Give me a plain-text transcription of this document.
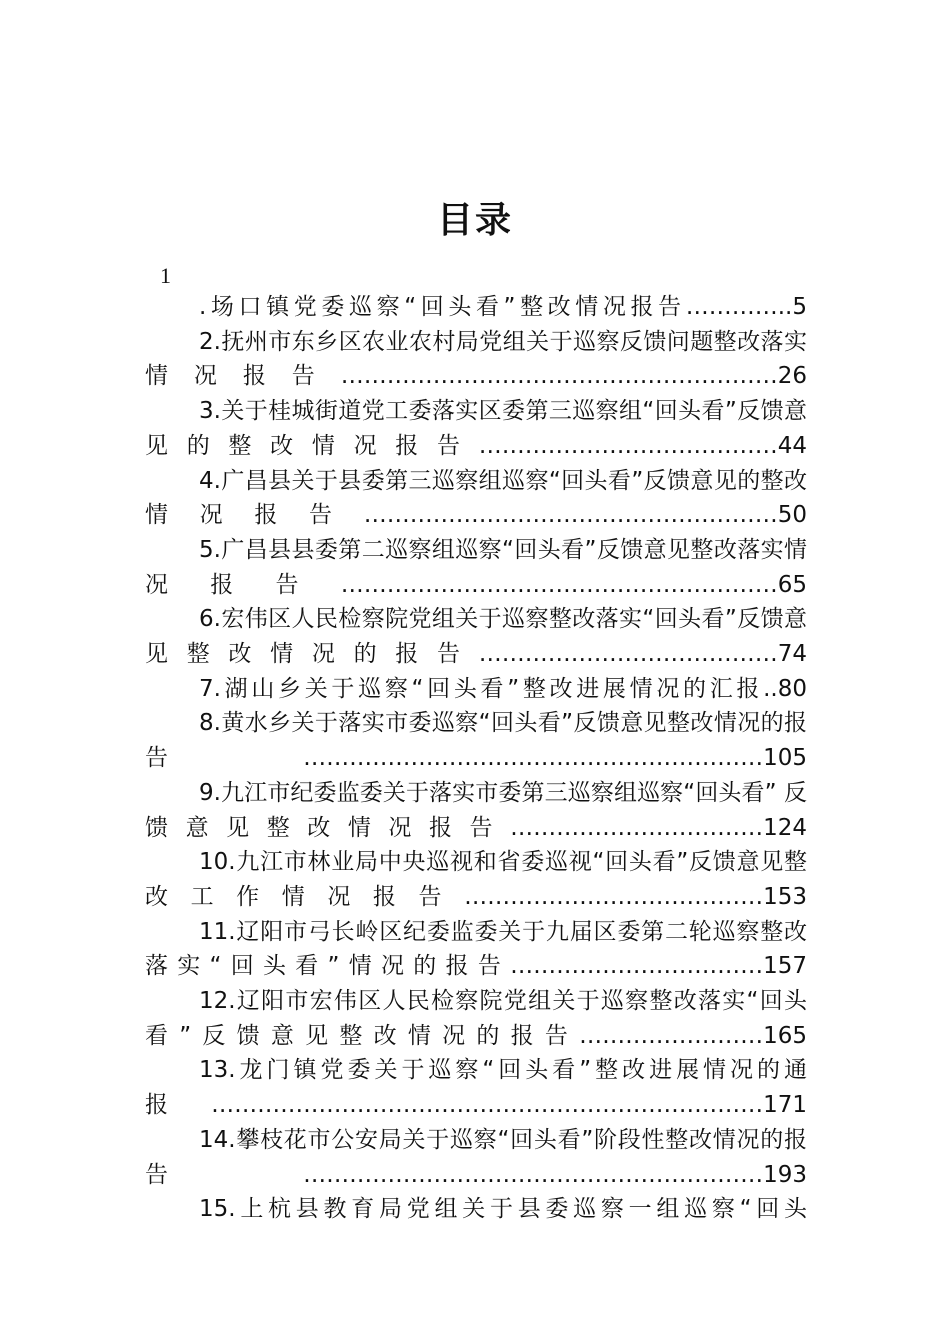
目录
1
.场口镇党委巡察“回头看”整改情况报告…………..5
2.抚州市东乡区农业农村局党组关于巡察反馈问题整改落实情况报告…………………………………………………26
3.关于桂城街道党工委落实区委第三巡察组“回头看”反馈意见的整改情况报告…………………………………44
4.广昌县关于县委第三巡察组巡察“回头看”反馈意见的整改情况报告………………………………………………50
5.广昌县县委第二巡察组巡察“回头看”反馈意见整改落实情况报告…………………………………………………65
6.宏伟区人民检察院党组关于巡察整改落实“回头看”反馈意见整改情况的报告…………………………………74
7.湖山乡关于巡察“回头看”整改进展情况的汇报..80
8.黄水乡关于落实市委巡察“回头看”反馈意见整改情况的报告……………………………………………………105
9.九江市纪委监委关于落实市委第三巡察组巡察“回头看” 反馈意见整改情况报告……………………………124
10.九江市林业局中央巡视和省委巡视“回头看”反馈意见整改工作情况报告…………………………………153
11.辽阳市弓长岭区纪委监委关于九届区委第二轮巡察整改落实“回头看”情况的报告……………………………157
12.辽阳市宏伟区人民检察院党组关于巡察整改落实“回头看”反馈意见整改情况的报告……………………165
13.龙门镇党委关于巡察“回头看”整改进展情况的通报………………………………………………………………171
14.攀枝花市公安局关于巡察“回头看”阶段性整改情况的报告……………………………………………………193
15.上杭县教育局党组关于县委巡察一组巡察“回头
